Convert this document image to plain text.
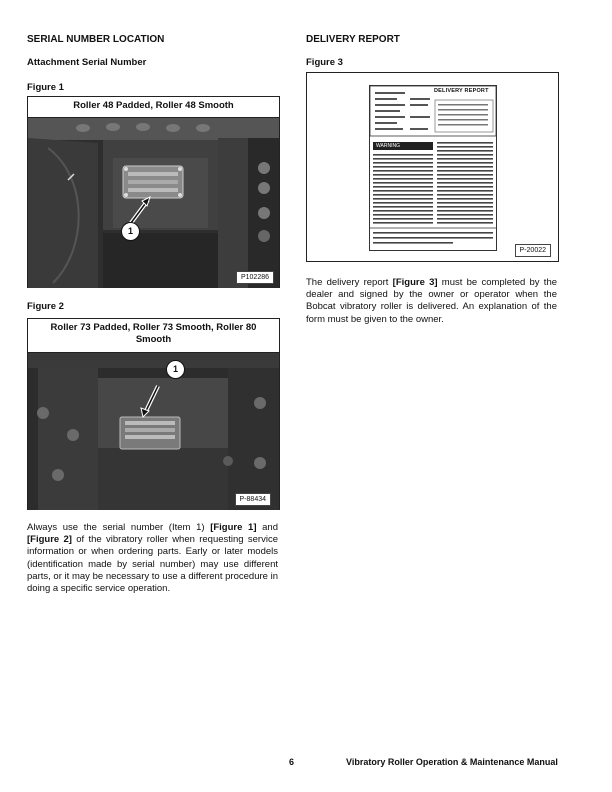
SERIAL NUMBER LOCATION
Attachment Serial Number
Figure 1
Roller 48 Padded, Roller 48 Smooth
1
P102286
Figure 2
Roller 73 Padded, Roller 73 Smooth, Roller 80 Smooth
1
P-88434
Always use the serial number (Item 1) [Figure 1] and [Figure 2] of the vibratory roller when requesting service information or when ordering parts. Early or later models (identification made by serial number) may use different parts, or it may be necessary to use a different procedure in doing a specific service operation.
DELIVERY REPORT
Figure 3
DELIVERY REPORT
WARNING
P-20022
The delivery report [Figure 3] must be completed by the dealer and signed by the owner or operator when the Bobcat vibratory roller is delivered. An explanation of the form must be given to the owner.
6	Vibratory Roller Operation & Maintenance Manual
